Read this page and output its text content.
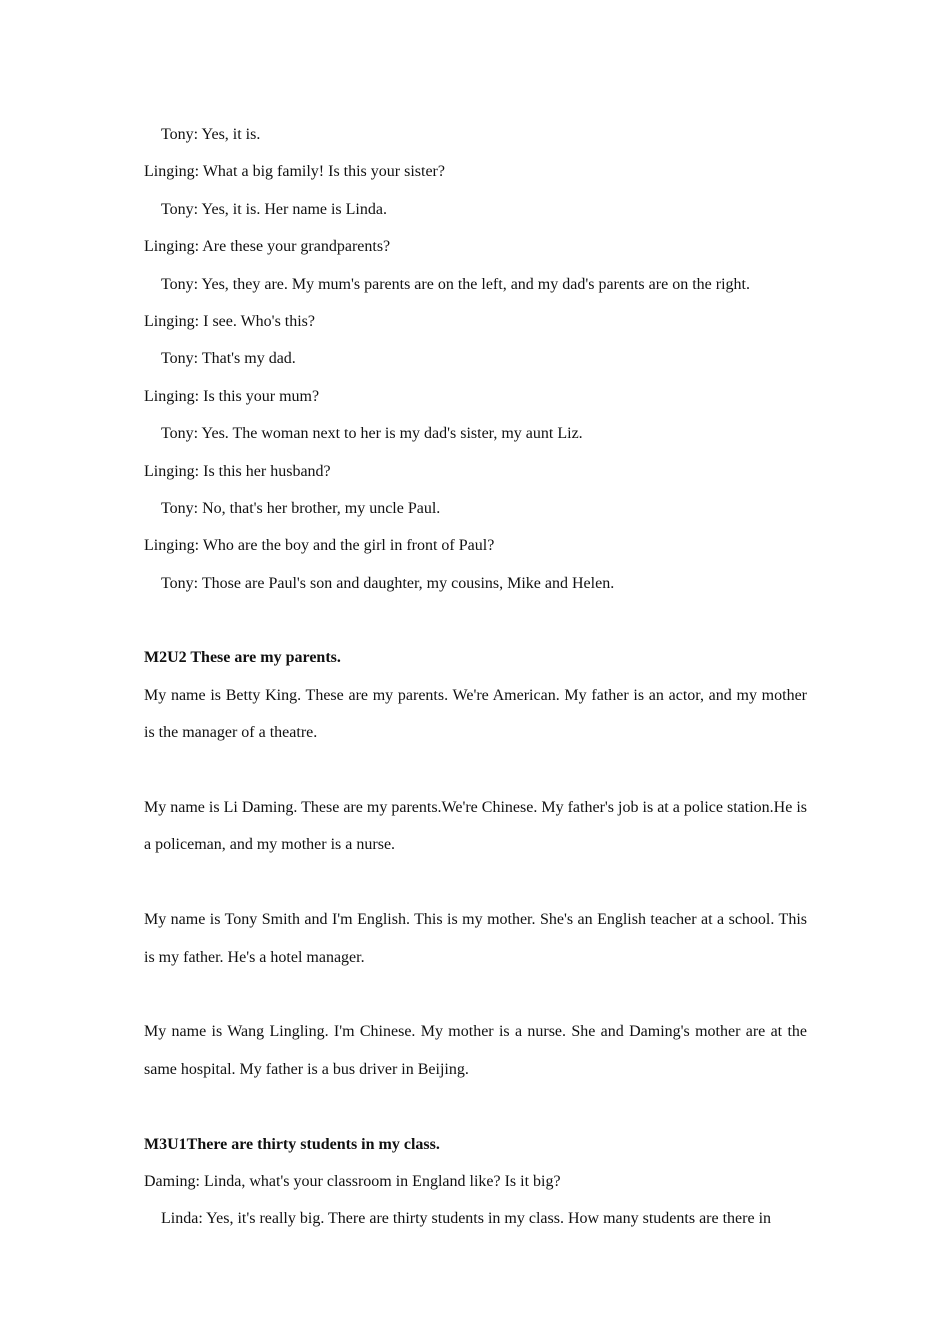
Tony: Yes, it is.
Linging: What a big family! Is this your sister?
Tony: Yes, it is. Her name is Linda.
Linging: Are these your grandparents?
Tony: Yes, they are. My mum's parents are on the left, and my dad's parents are on the right.
Linging: I see. Who's this?
Tony: That's my dad.
Linging: Is this your mum?
Tony: Yes. The woman next to her is my dad's sister, my aunt Liz.
Linging: Is this her husband?
Tony: No, that's her brother, my uncle Paul.
Linging: Who are the boy and the girl in front of Paul?
Tony: Those are Paul's son and daughter, my cousins, Mike and Helen.
M2U2 These are my parents.
My name is Betty King. These are my parents. We're American. My father is an actor, and my mother is the manager of a theatre.
My name is Li Daming. These are my parents.We're Chinese. My father's job is at a police station.He is a policeman, and my mother is a nurse.
My name is Tony Smith and I'm English. This is my mother. She's an English teacher at a school. This is my father. He's a hotel manager.
My name is Wang Lingling. I'm Chinese. My mother is a nurse. She and Daming's mother are at the same hospital. My father is a bus driver in Beijing.
M3U1There are thirty students in my class.
Daming: Linda, what's your classroom in England like? Is it big?
Linda: Yes, it's really big. There are thirty students in my class. How many students are there in
